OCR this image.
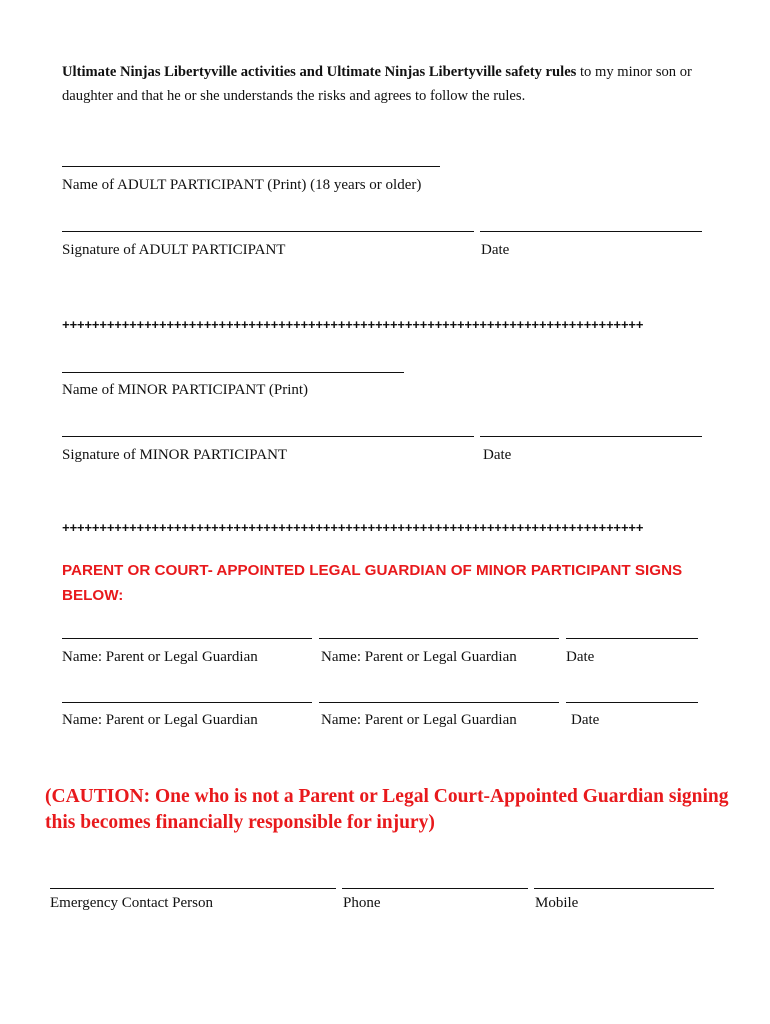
Ultimate Ninjas Libertyville activities and Ultimate Ninjas Libertyville safety rules to my minor son or daughter and that he or she understands the risks and agrees to follow the rules.
Name of ADULT PARTICIPANT (Print) (18 years or older)
Signature of ADULT PARTICIPANT	Date
++++++++++++++++++++++++++++++++++++++++++++++++++++++++++++++++++++++++++++++
Name of MINOR PARTICIPANT (Print)
Signature of MINOR PARTICIPANT	Date
++++++++++++++++++++++++++++++++++++++++++++++++++++++++++++++++++++++++++++++
PARENT OR COURT- APPOINTED LEGAL GUARDIAN OF MINOR PARTICIPANT SIGNS BELOW:
Name: Parent or Legal Guardian	Name: Parent or Legal Guardian	Date
Name: Parent or Legal Guardian	Name: Parent or Legal Guardian	Date
(CAUTION: One who is not a Parent or Legal Court-Appointed Guardian signing this becomes financially responsible for injury)
Emergency Contact Person	Phone	Mobile
